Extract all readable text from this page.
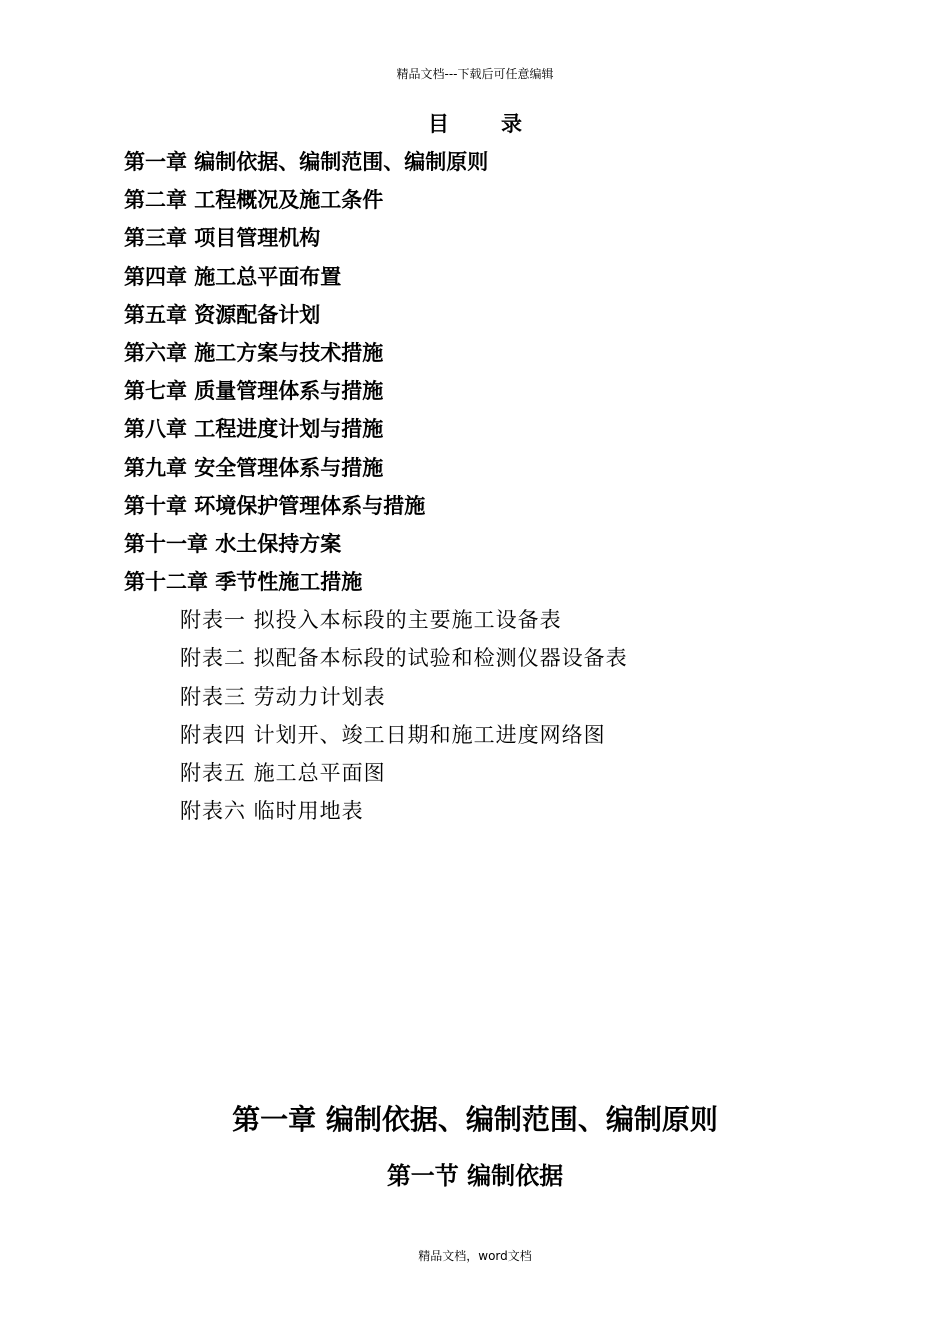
精品文档---下载后可任意编辑
目录
第一章 编制依据、编制范围、编制原则
第二章 工程概况及施工条件
第三章 项目管理机构
第四章 施工总平面布置
第五章 资源配备计划
第六章 施工方案与技术措施
第七章 质量管理体系与措施
第八章 工程进度计划与措施
第九章 安全管理体系与措施
第十章 环境保护管理体系与措施
第十一章 水土保持方案
第十二章 季节性施工措施
附表一 拟投入本标段的主要施工设备表
附表二 拟配备本标段的试验和检测仪器设备表
附表三 劳动力计划表
附表四 计划开、竣工日期和施工进度网络图
附表五 施工总平面图
附表六 临时用地表
第一章 编制依据、编制范围、编制原则
第一节 编制依据
精品文档，word文档
